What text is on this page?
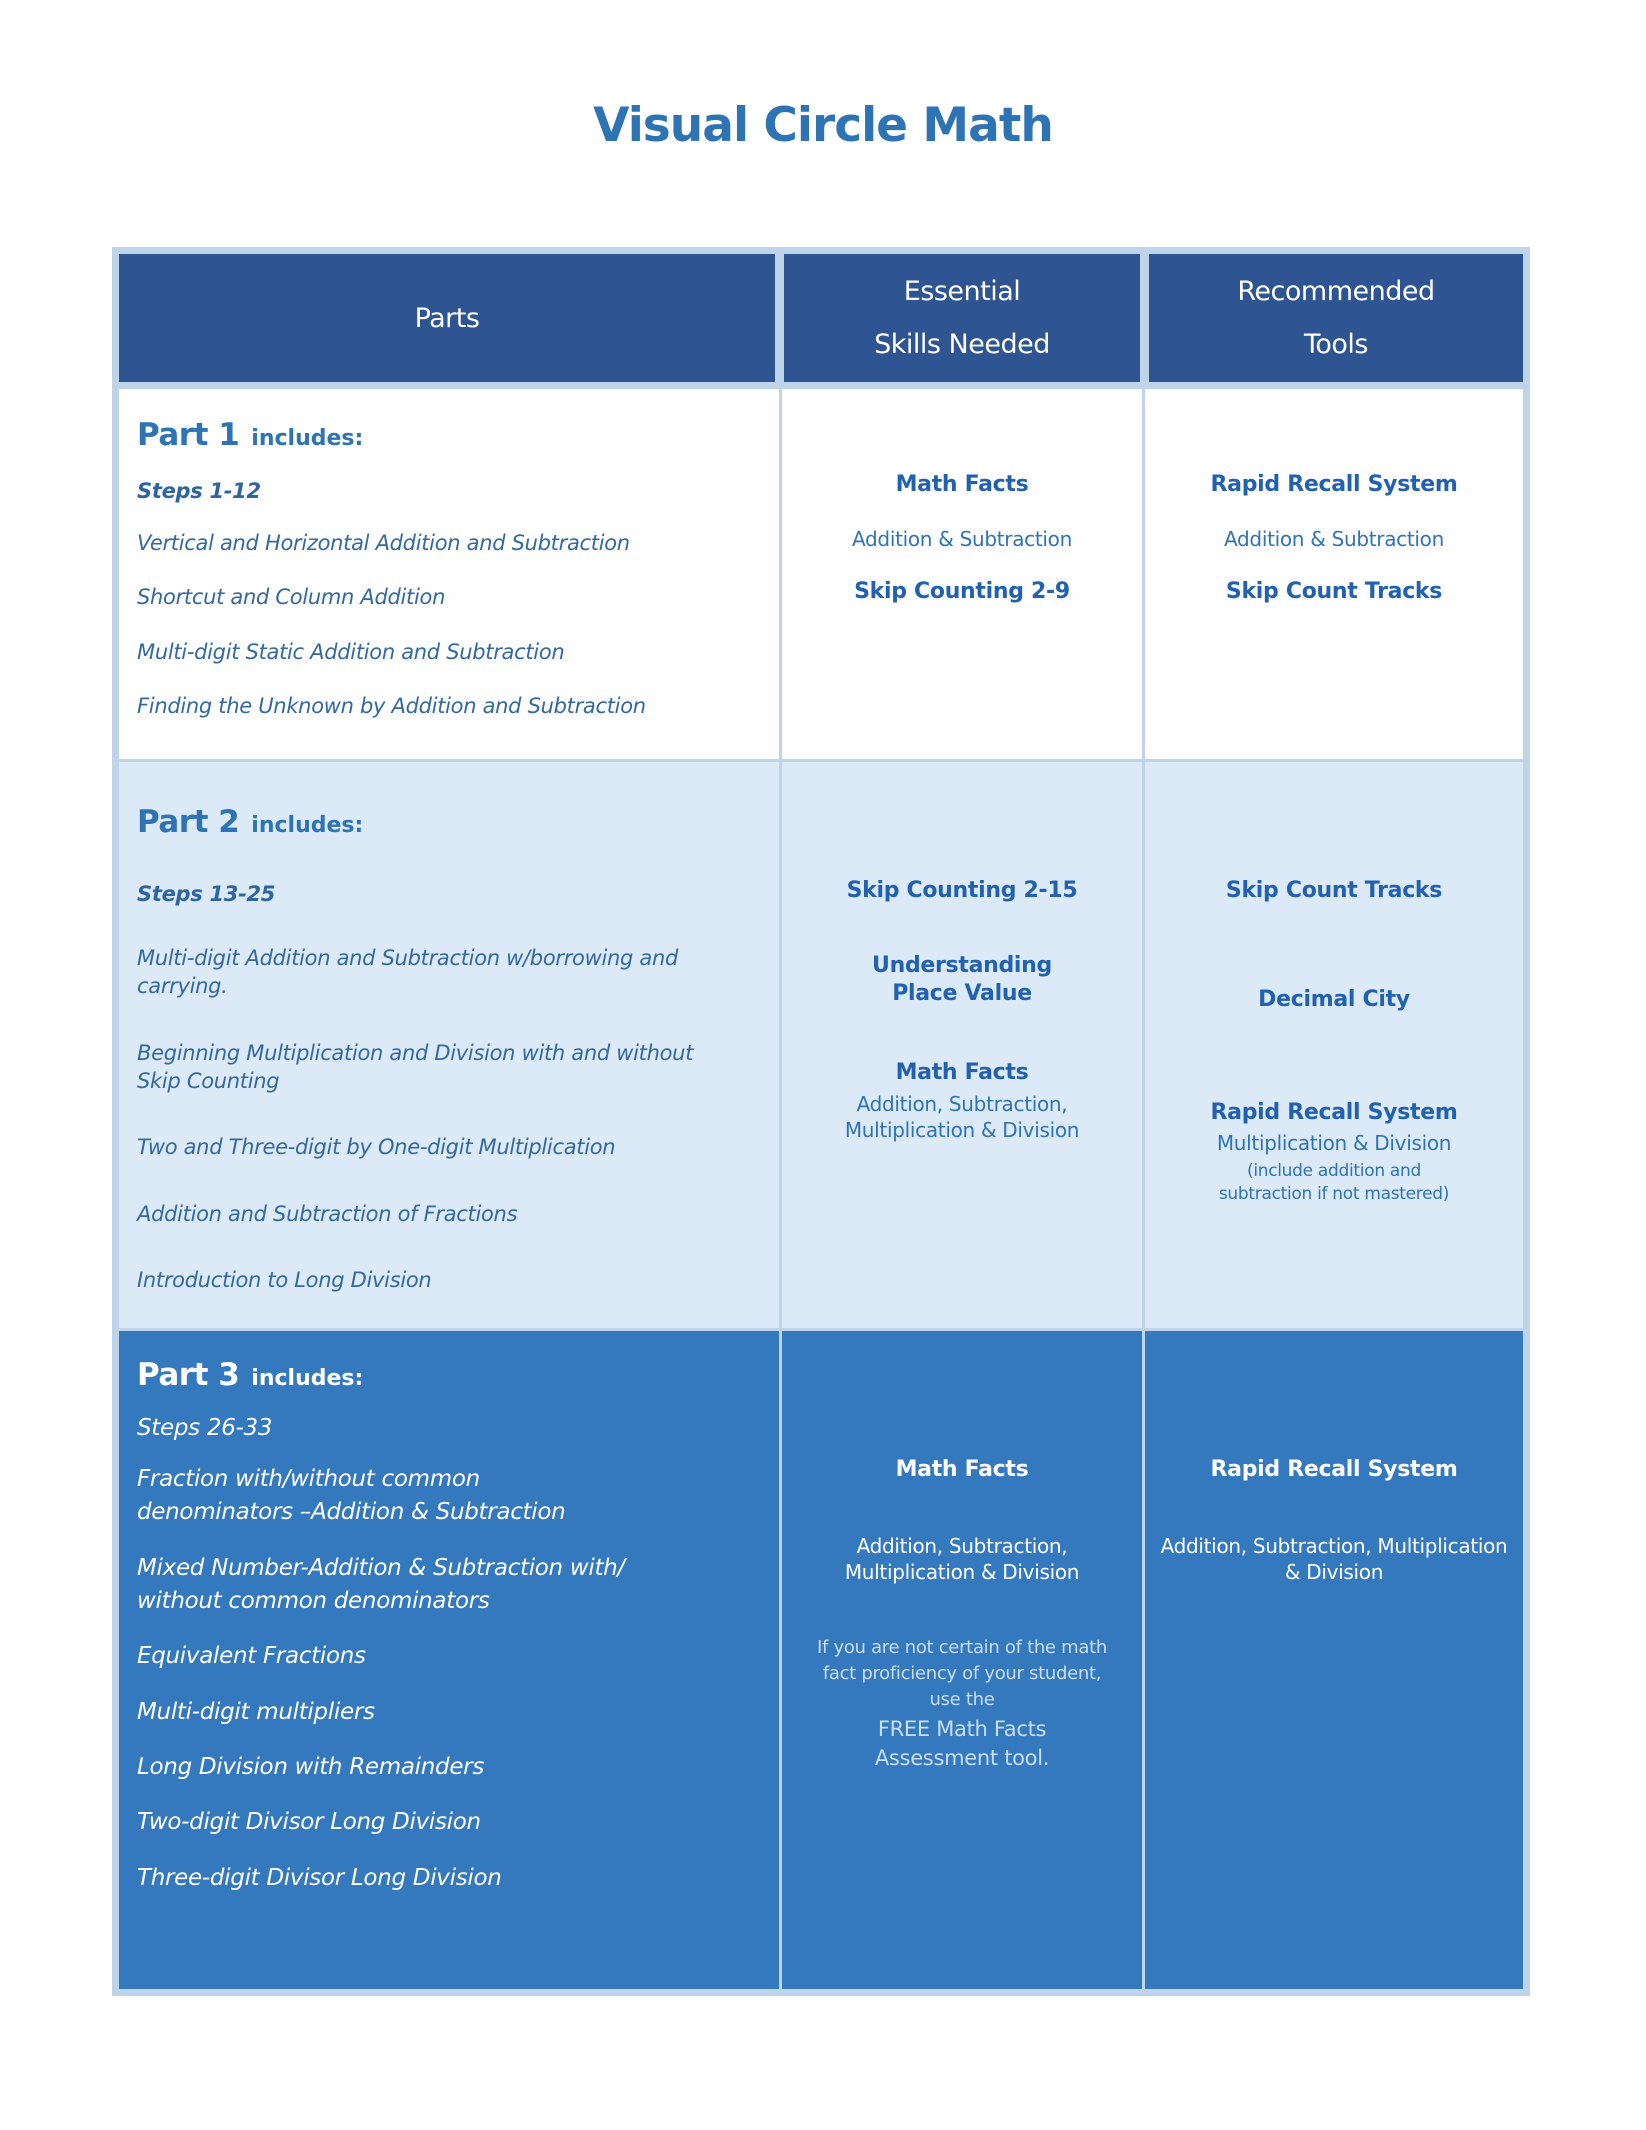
Visual Circle Math
Parts
Essential
Skills Needed
Recommended
Tools
Part 1 includes:
Steps 1-12
Vertical and Horizontal Addition and Subtraction
Shortcut and Column Addition
Multi-digit Static Addition and Subtraction
Finding the Unknown by Addition and Subtraction
Math Facts
Addition & Subtraction
Skip Counting 2-9
Rapid Recall System
Addition & Subtraction
Skip Count Tracks
Part 2 includes:
Steps 13-25
Multi-digit Addition and Subtraction w/borrowing and carrying.
Beginning Multiplication and Division with and without Skip Counting
Two and Three-digit by One-digit Multiplication
Addition and Subtraction of Fractions
Introduction to Long Division
Skip Counting 2-15
Understanding Place Value
Math Facts
Addition, Subtraction, Multiplication & Division
Skip Count Tracks
Decimal City
Rapid Recall System
Multiplication & Division
(include addition and subtraction if not mastered)
Part 3 includes:
Steps 26-33
Fraction with/without common denominators –Addition & Subtraction
Mixed Number-Addition & Subtraction with/ without common denominators
Equivalent Fractions
Multi-digit multipliers
Long Division with Remainders
Two-digit Divisor Long Division
Three-digit Divisor Long Division
Math Facts
Addition, Subtraction, Multiplication & Division
If you are not certain of the math fact proficiency of your student, use the
FREE Math Facts Assessment tool.
Rapid Recall System
Addition, Subtraction, Multiplication & Division
